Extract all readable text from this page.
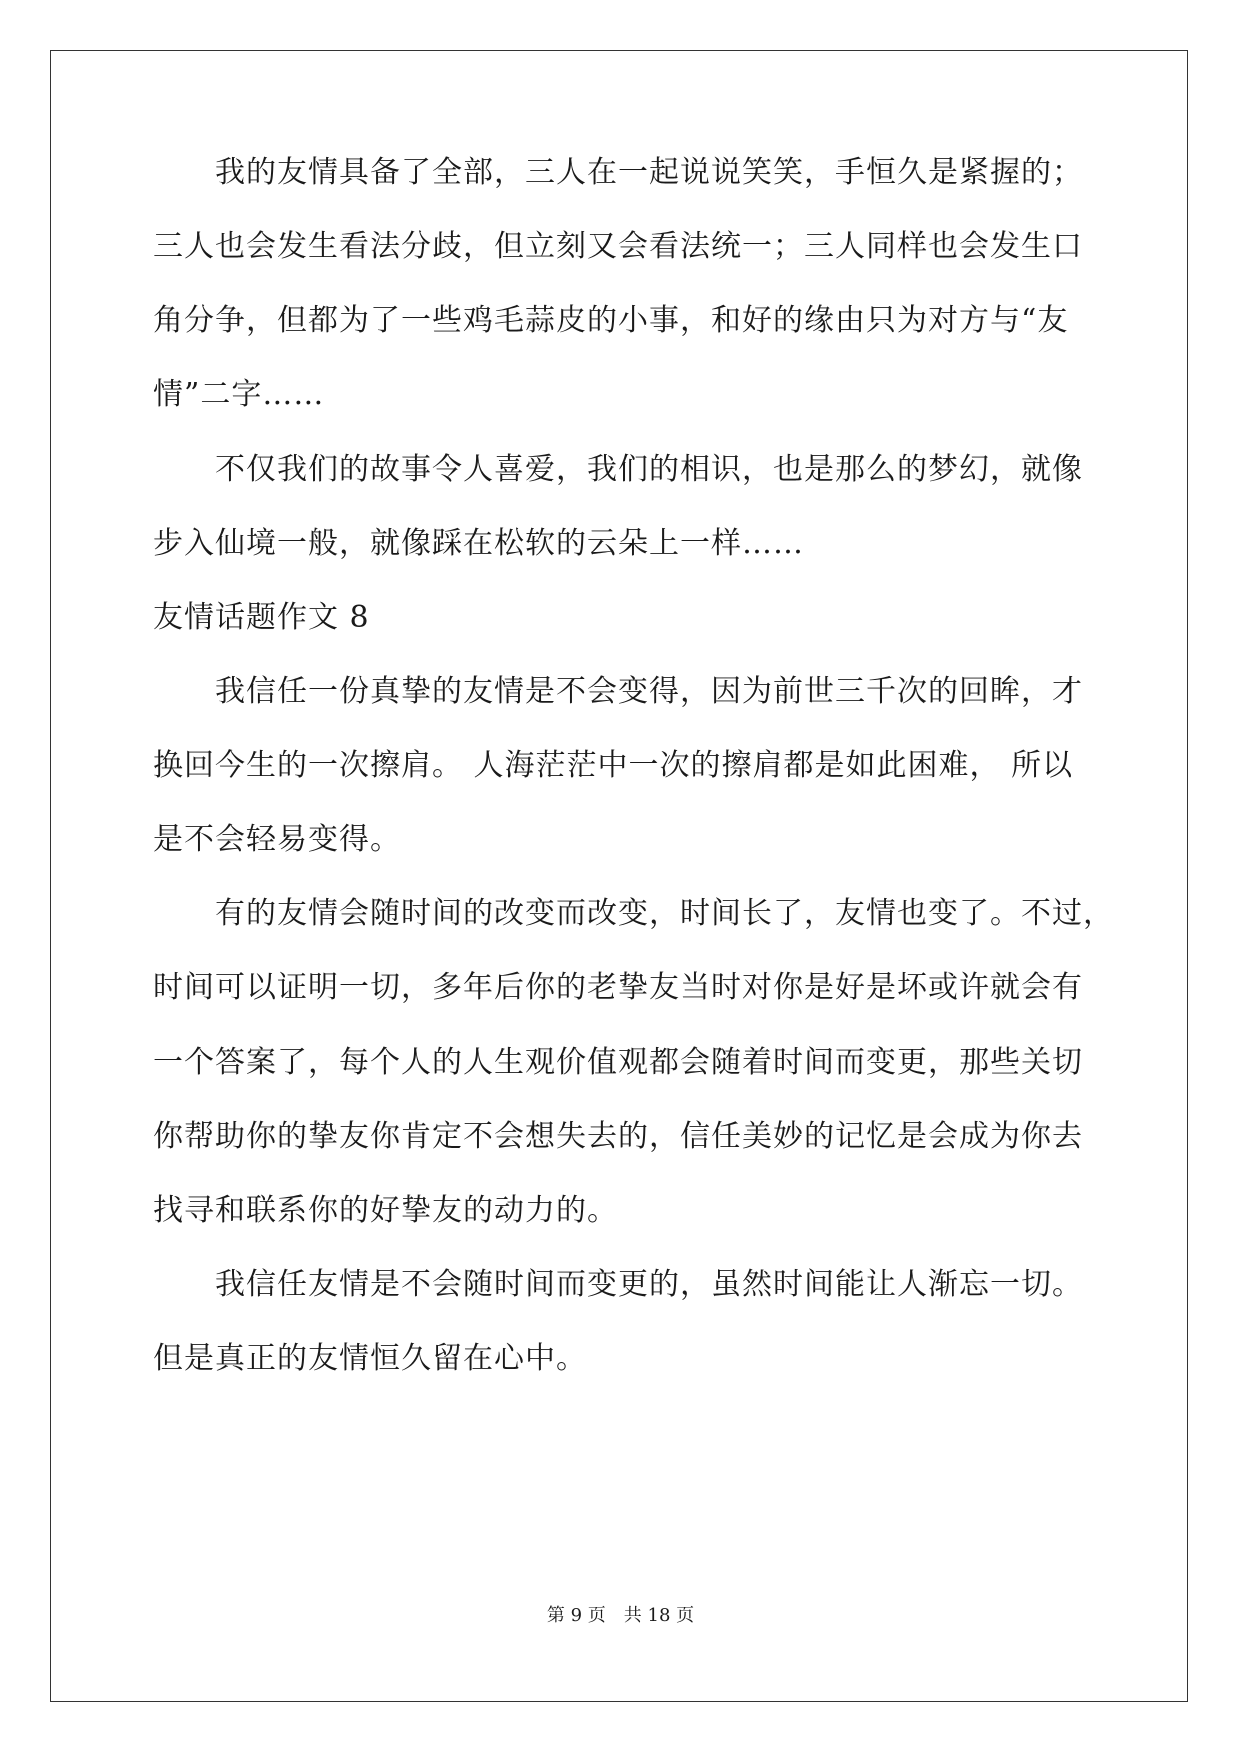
我的友情具备了全部，三人在一起说说笑笑，手恒久是紧握的；
三人也会发生看法分歧，但立刻又会看法统一；三人同样也会发生口
角分争，但都为了一些鸡毛蒜皮的小事，和好的缘由只为对方与“友
情”二字……
不仅我们的故事令人喜爱，我们的相识，也是那么的梦幻，就像
步入仙境一般，就像踩在松软的云朵上一样……
友情话题作文 8
我信任一份真挚的友情是不会变得，因为前世三千次的回眸，才
换回今生的一次擦肩。 人海茫茫中一次的擦肩都是如此困难， 所以
是不会轻易变得。
有的友情会随时间的改变而改变，时间长了，友情也变了。不过，
时间可以证明一切，多年后你的老挚友当时对你是好是坏或许就会有
一个答案了，每个人的人生观价值观都会随着时间而变更，那些关切
你帮助你的挚友你肯定不会想失去的，信任美妙的记忆是会成为你去
找寻和联系你的好挚友的动力的。
我信任友情是不会随时间而变更的，虽然时间能让人渐忘一切。
但是真正的友情恒久留在心中。
第 9 页 共 18 页
